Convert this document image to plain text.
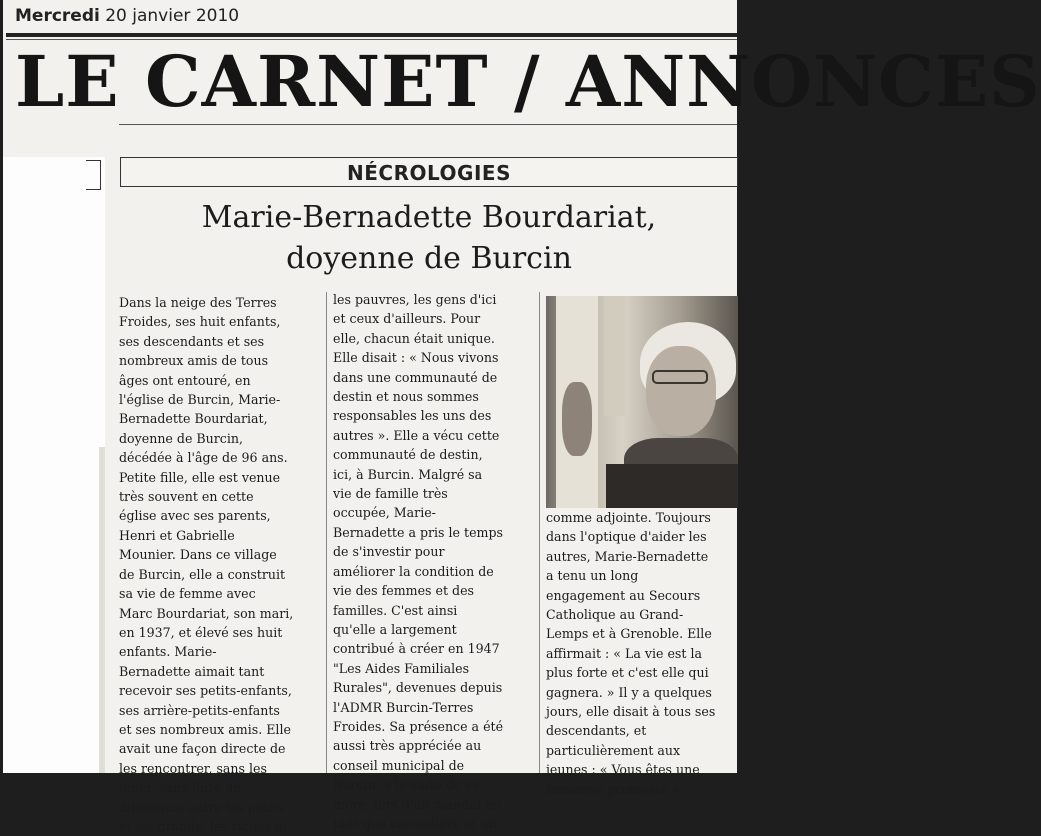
Mercredi 20 janvier 2010
LE CARNET / ANNONCES
NÉCROLOGIES
Marie-Bernadette Bourdariat,
doyenne de Burcin
Dans la neige des Terres
Froides, ses huit enfants,
ses descendants et ses
nombreux amis de tous
âges ont entouré, en
l'église de Burcin, Marie-
Bernadette Bourdariat,
doyenne de Burcin,
décédée à l'âge de 96 ans.
Petite fille, elle est venue
très souvent en cette
église avec ses parents,
Henri et Gabrielle
Mounier. Dans ce village
de Burcin, elle a construit
sa vie de femme avec
Marc Bourdariat, son mari,
en 1937, et élevé ses huit
enfants. Marie-
Bernadette aimait tant
recevoir ses petits-enfants,
ses arrière-petits-enfants
et ses nombreux amis. Elle
avait une façon directe de
les rencontrer, sans les
juger, sans faire de
différence entre les petits
et les grands, les riches et
les pauvres, les gens d'ici
et ceux d'ailleurs. Pour
elle, chacun était unique.
Elle disait : « Nous vivons
dans une communauté de
destin et nous sommes
responsables les uns des
autres ». Elle a vécu cette
communauté de destin,
ici, à Burcin. Malgré sa
vie de famille très
occupée, Marie-
Bernadette a pris le temps
de s'investir pour
améliorer la condition de
vie des femmes et des
familles. C'est ainsi
qu'elle a largement
contribué à créer en 1947
"Les Aides Familiales
Rurales", devenues depuis
l'ADMR Burcin-Terres
Froides. Sa présence a été
aussi très appréciée au
conseil municipal de
Burcin, à la suite de sa
mère, lors d'un mandat en
tant que conseillère et un
comme adjointe. Toujours
dans l'optique d'aider les
autres, Marie-Bernadette
a tenu un long
engagement au Secours
Catholique au Grand-
Lemps et à Grenoble. Elle
affirmait : « La vie est la
plus forte et c'est elle qui
gagnera. » Il y a quelques
jours, elle disait à tous ses
descendants, et
particulièrement aux
jeunes : « Vous êtes une
immense promesse ».
